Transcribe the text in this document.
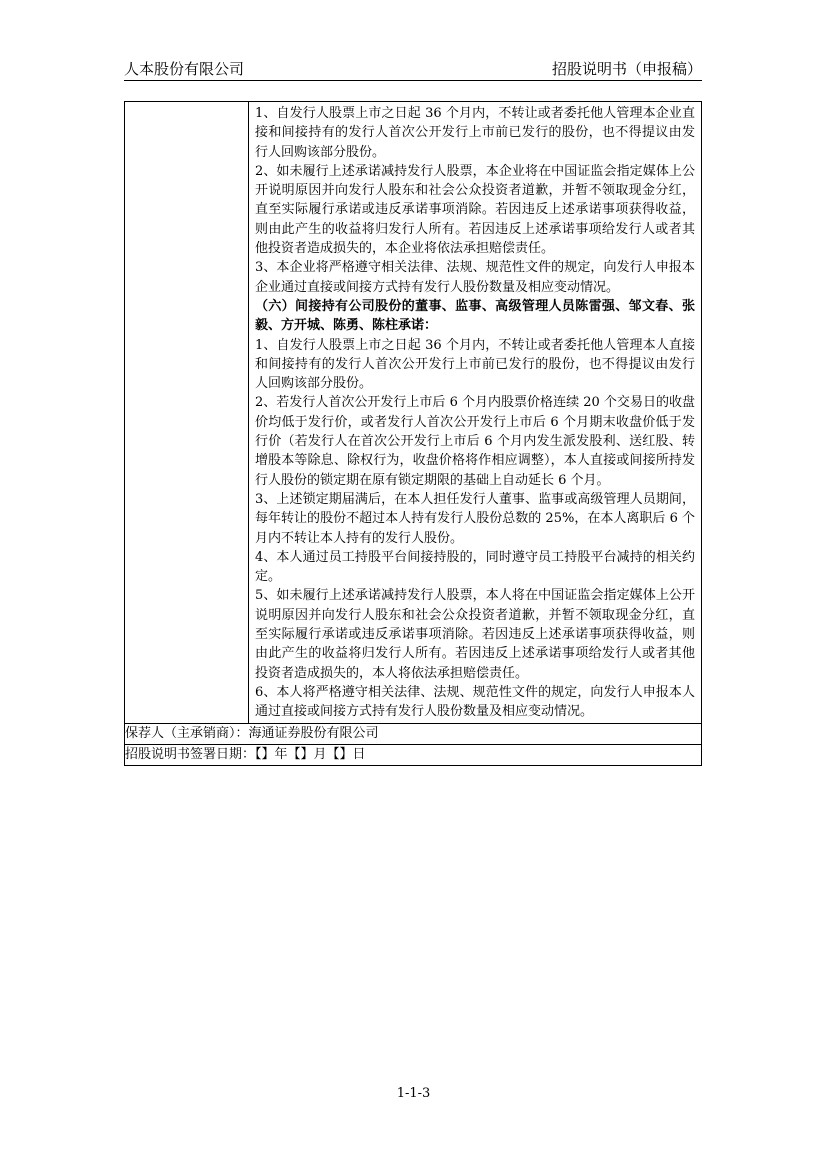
人本股份有限公司	招股说明书（申报稿）

1、自发行人股票上市之日起 36 个月内，不转让或者委托他人管理本企业直接和间接持有的发行人首次公开发行上市前已发行的股份，也不得提议由发行人回购该部分股份。

2、如未履行上述承诺减持发行人股票，本企业将在中国证监会指定媒体上公开说明原因并向发行人股东和社会公众投资者道歉，并暂不领取现金分红，直至实际履行承诺或违反承诺事项消除。若因违反上述承诺事项获得收益，则由此产生的收益将归发行人所有。若因违反上述承诺事项给发行人或者其他投资者造成损失的，本企业将依法承担赔偿责任。

3、本企业将严格遵守相关法律、法规、规范性文件的规定，向发行人申报本企业通过直接或间接方式持有发行人股份数量及相应变动情况。

（六）间接持有公司股份的董事、监事、高级管理人员陈雷强、邹文春、张毅、方开城、陈勇、陈柱承诺：

1、自发行人股票上市之日起 36 个月内，不转让或者委托他人管理本人直接和间接持有的发行人首次公开发行上市前已发行的股份，也不得提议由发行人回购该部分股份。

2、若发行人首次公开发行上市后 6 个月内股票价格连续 20 个交易日的收盘价均低于发行价，或者发行人首次公开发行上市后 6 个月期末收盘价低于发行价（若发行人在首次公开发行上市后 6 个月内发生派发股利、送红股、转增股本等除息、除权行为，收盘价格将作相应调整），本人直接或间接所持发行人股份的锁定期在原有锁定期限的基础上自动延长 6 个月。

3、上述锁定期届满后，在本人担任发行人董事、监事或高级管理人员期间，每年转让的股份不超过本人持有发行人股份总数的 25%，在本人离职后 6 个月内不转让本人持有的发行人股份。

4、本人通过员工持股平台间接持股的，同时遵守员工持股平台减持的相关约定。

5、如未履行上述承诺减持发行人股票，本人将在中国证监会指定媒体上公开说明原因并向发行人股东和社会公众投资者道歉，并暂不领取现金分红，直至实际履行承诺或违反承诺事项消除。若因违反上述承诺事项获得收益，则由此产生的收益将归发行人所有。若因违反上述承诺事项给发行人或者其他投资者造成损失的，本人将依法承担赔偿责任。

6、本人将严格遵守相关法律、法规、规范性文件的规定，向发行人申报本人通过直接或间接方式持有发行人股份数量及相应变动情况。

保荐人（主承销商）：海通证券股份有限公司
招股说明书签署日期：【】年【】月【】日
1-1-3
